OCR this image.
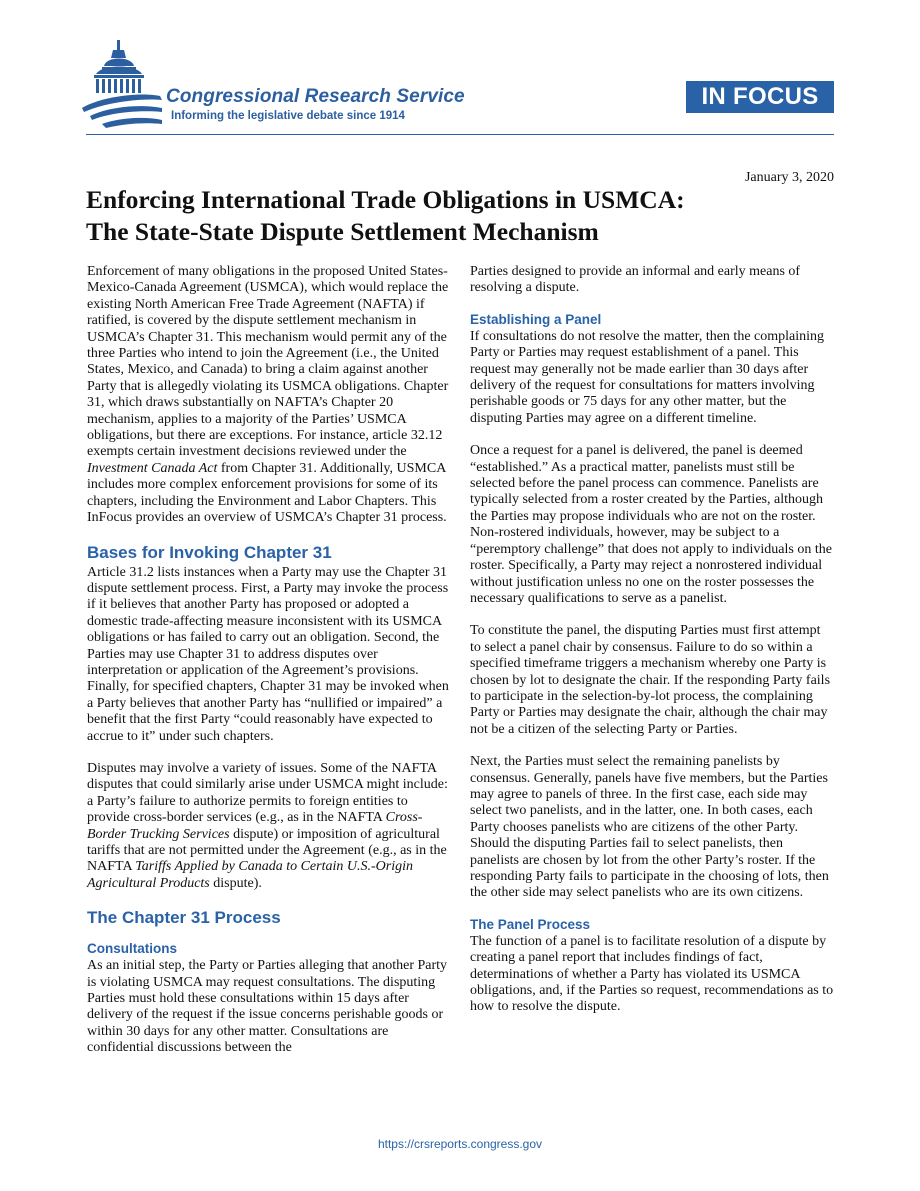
Congressional Research Service
Informing the legislative debate since 1914
IN FOCUS
January 3, 2020
Enforcing International Trade Obligations in USMCA:
The State-State Dispute Settlement Mechanism

Enforcement of many obligations in the proposed United States-Mexico-Canada Agreement (USMCA), which would replace the existing North American Free Trade Agreement (NAFTA) if ratified, is covered by the dispute settlement mechanism in USMCA’s Chapter 31. This mechanism would permit any of the three Parties who intend to join the Agreement (i.e., the United States, Mexico, and Canada) to bring a claim against another Party that is allegedly violating its USMCA obligations. Chapter 31, which draws substantially on NAFTA’s Chapter 20 mechanism, applies to a majority of the Parties’ USMCA obligations, but there are exceptions. For instance, article 32.12 exempts certain investment decisions reviewed under the Investment Canada Act from Chapter 31. Additionally, USMCA includes more complex enforcement provisions for some of its chapters, including the Environment and Labor Chapters. This InFocus provides an overview of USMCA’s Chapter 31 process.

Bases for Invoking Chapter 31

Article 31.2 lists instances when a Party may use the Chapter 31 dispute settlement process. First, a Party may invoke the process if it believes that another Party has proposed or adopted a domestic trade-affecting measure inconsistent with its USMCA obligations or has failed to carry out an obligation. Second, the Parties may use Chapter 31 to address disputes over interpretation or application of the Agreement’s provisions. Finally, for specified chapters, Chapter 31 may be invoked when a Party believes that another Party has “nullified or impaired” a benefit that the first Party “could reasonably have expected to accrue to it” under such chapters.

Disputes may involve a variety of issues. Some of the NAFTA disputes that could similarly arise under USMCA might include: a Party’s failure to authorize permits to foreign entities to provide cross-border services (e.g., as in the NAFTA Cross-Border Trucking Services dispute) or imposition of agricultural tariffs that are not permitted under the Agreement (e.g., as in the NAFTA Tariffs Applied by Canada to Certain U.S.-Origin Agricultural Products dispute).

The Chapter 31 Process
Consultations

As an initial step, the Party or Parties alleging that another Party is violating USMCA may request consultations. The disputing Parties must hold these consultations within 15 days after delivery of the request if the issue concerns perishable goods or within 30 days for any other matter. Consultations are confidential discussions between the

Parties designed to provide an informal and early means of resolving a dispute.

Establishing a Panel

If consultations do not resolve the matter, then the complaining Party or Parties may request establishment of a panel. This request may generally not be made earlier than 30 days after delivery of the request for consultations for matters involving perishable goods or 75 days for any other matter, but the disputing Parties may agree on a different timeline.

Once a request for a panel is delivered, the panel is deemed “established.” As a practical matter, panelists must still be selected before the panel process can commence. Panelists are typically selected from a roster created by the Parties, although the Parties may propose individuals who are not on the roster. Non-rostered individuals, however, may be subject to a “peremptory challenge” that does not apply to individuals on the roster. Specifically, a Party may reject a nonrostered individual without justification unless no one on the roster possesses the necessary qualifications to serve as a panelist.

To constitute the panel, the disputing Parties must first attempt to select a panel chair by consensus. Failure to do so within a specified timeframe triggers a mechanism whereby one Party is chosen by lot to designate the chair. If the responding Party fails to participate in the selection-by-lot process, the complaining Party or Parties may designate the chair, although the chair may not be a citizen of the selecting Party or Parties.

Next, the Parties must select the remaining panelists by consensus. Generally, panels have five members, but the Parties may agree to panels of three. In the first case, each side may select two panelists, and in the latter, one. In both cases, each Party chooses panelists who are citizens of the other Party. Should the disputing Parties fail to select panelists, then panelists are chosen by lot from the other Party’s roster. If the responding Party fails to participate in the choosing of lots, then the other side may select panelists who are its own citizens.

The Panel Process

The function of a panel is to facilitate resolution of a dispute by creating a panel report that includes findings of fact, determinations of whether a Party has violated its USMCA obligations, and, if the Parties so request, recommendations as to how to resolve the dispute.

https://crsreports.congress.gov
